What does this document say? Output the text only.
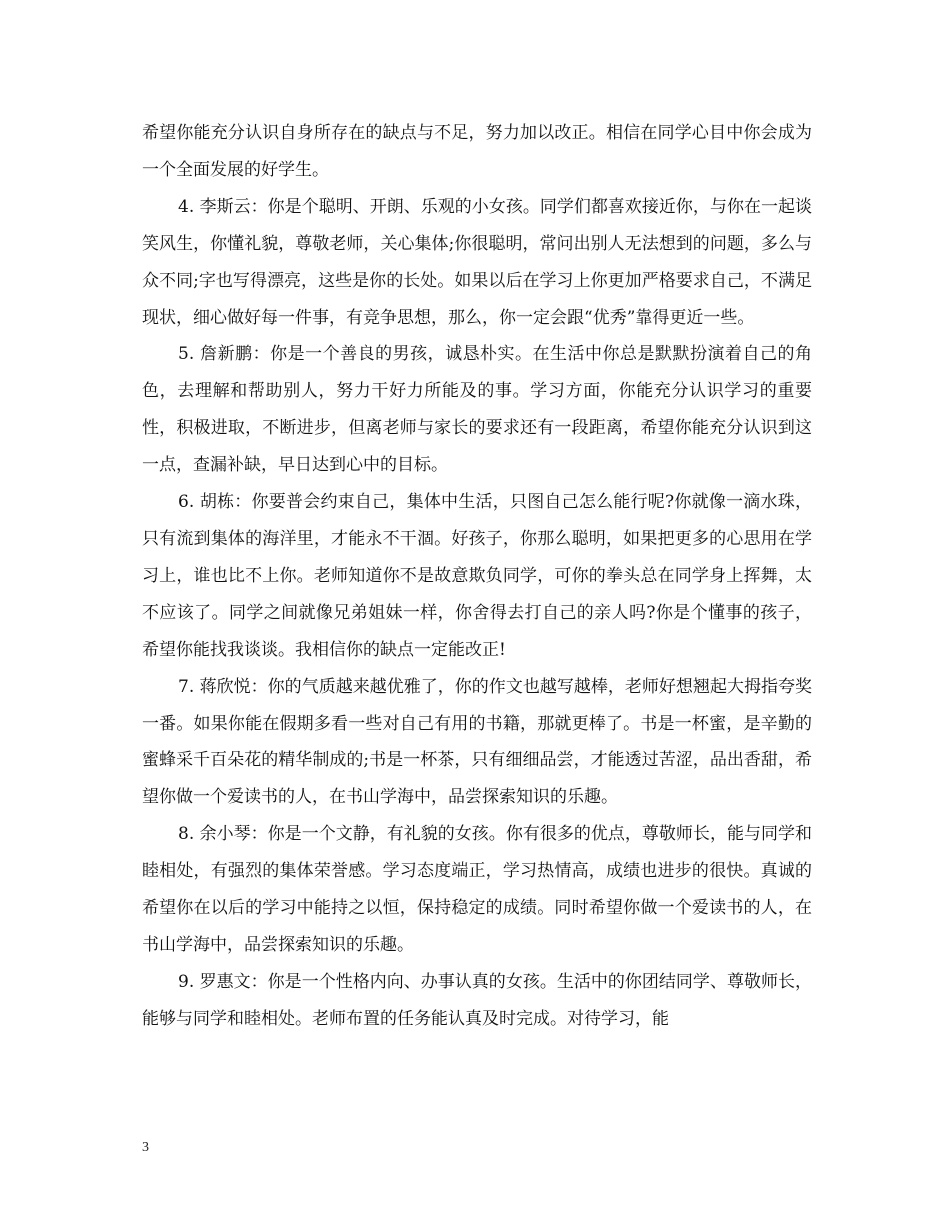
希望你能充分认识自身所存在的缺点与不足，努力加以改正。相信在同学心目中你会成为一个全面发展的好学生。

4. 李斯云：你是个聪明、开朗、乐观的小女孩。同学们都喜欢接近你，与你在一起谈笑风生，你懂礼貌，尊敬老师，关心集体;你很聪明，常问出别人无法想到的问题，多么与众不同;字也写得漂亮，这些是你的长处。如果以后在学习上你更加严格要求自己，不满足现状，细心做好每一件事，有竞争思想，那么，你一定会跟“优秀”靠得更近一些。

5. 詹新鹏：你是一个善良的男孩，诚恳朴实。在生活中你总是默默扮演着自己的角色，去理解和帮助别人，努力干好力所能及的事。学习方面，你能充分认识学习的重要性，积极进取，不断进步，但离老师与家长的要求还有一段距离，希望你能充分认识到这一点，查漏补缺，早日达到心中的目标。

6. 胡栋：你要普会约束自己，集体中生活，只图自己怎么能行呢?你就像一滴水珠，只有流到集体的海洋里，才能永不干涸。好孩子，你那么聪明，如果把更多的心思用在学习上，谁也比不上你。老师知道你不是故意欺负同学，可你的拳头总在同学身上挥舞，太不应该了。同学之间就像兄弟姐妹一样，你舍得去打自己的亲人吗?你是个懂事的孩子，希望你能找我谈谈。我相信你的缺点一定能改正!

7. 蒋欣悦：你的气质越来越优雅了，你的作文也越写越棒，老师好想翘起大拇指夸奖一番。如果你能在假期多看一些对自己有用的书籍，那就更棒了。书是一杯蜜，是辛勤的蜜蜂采千百朵花的精华制成的;书是一杯茶，只有细细品尝，才能透过苦涩，品出香甜，希望你做一个爱读书的人，在书山学海中，品尝探索知识的乐趣。

8. 余小琴：你是一个文静，有礼貌的女孩。你有很多的优点，尊敬师长，能与同学和睦相处，有强烈的集体荣誉感。学习态度端正，学习热情高，成绩也进步的很快。真诚的希望你在以后的学习中能持之以恒，保持稳定的成绩。同时希望你做一个爱读书的人，在书山学海中，品尝探索知识的乐趣。

9. 罗惠文：你是一个性格内向、办事认真的女孩。生活中的你团结同学、尊敬师长，能够与同学和睦相处。老师布置的任务能认真及时完成。对待学习，能

3
